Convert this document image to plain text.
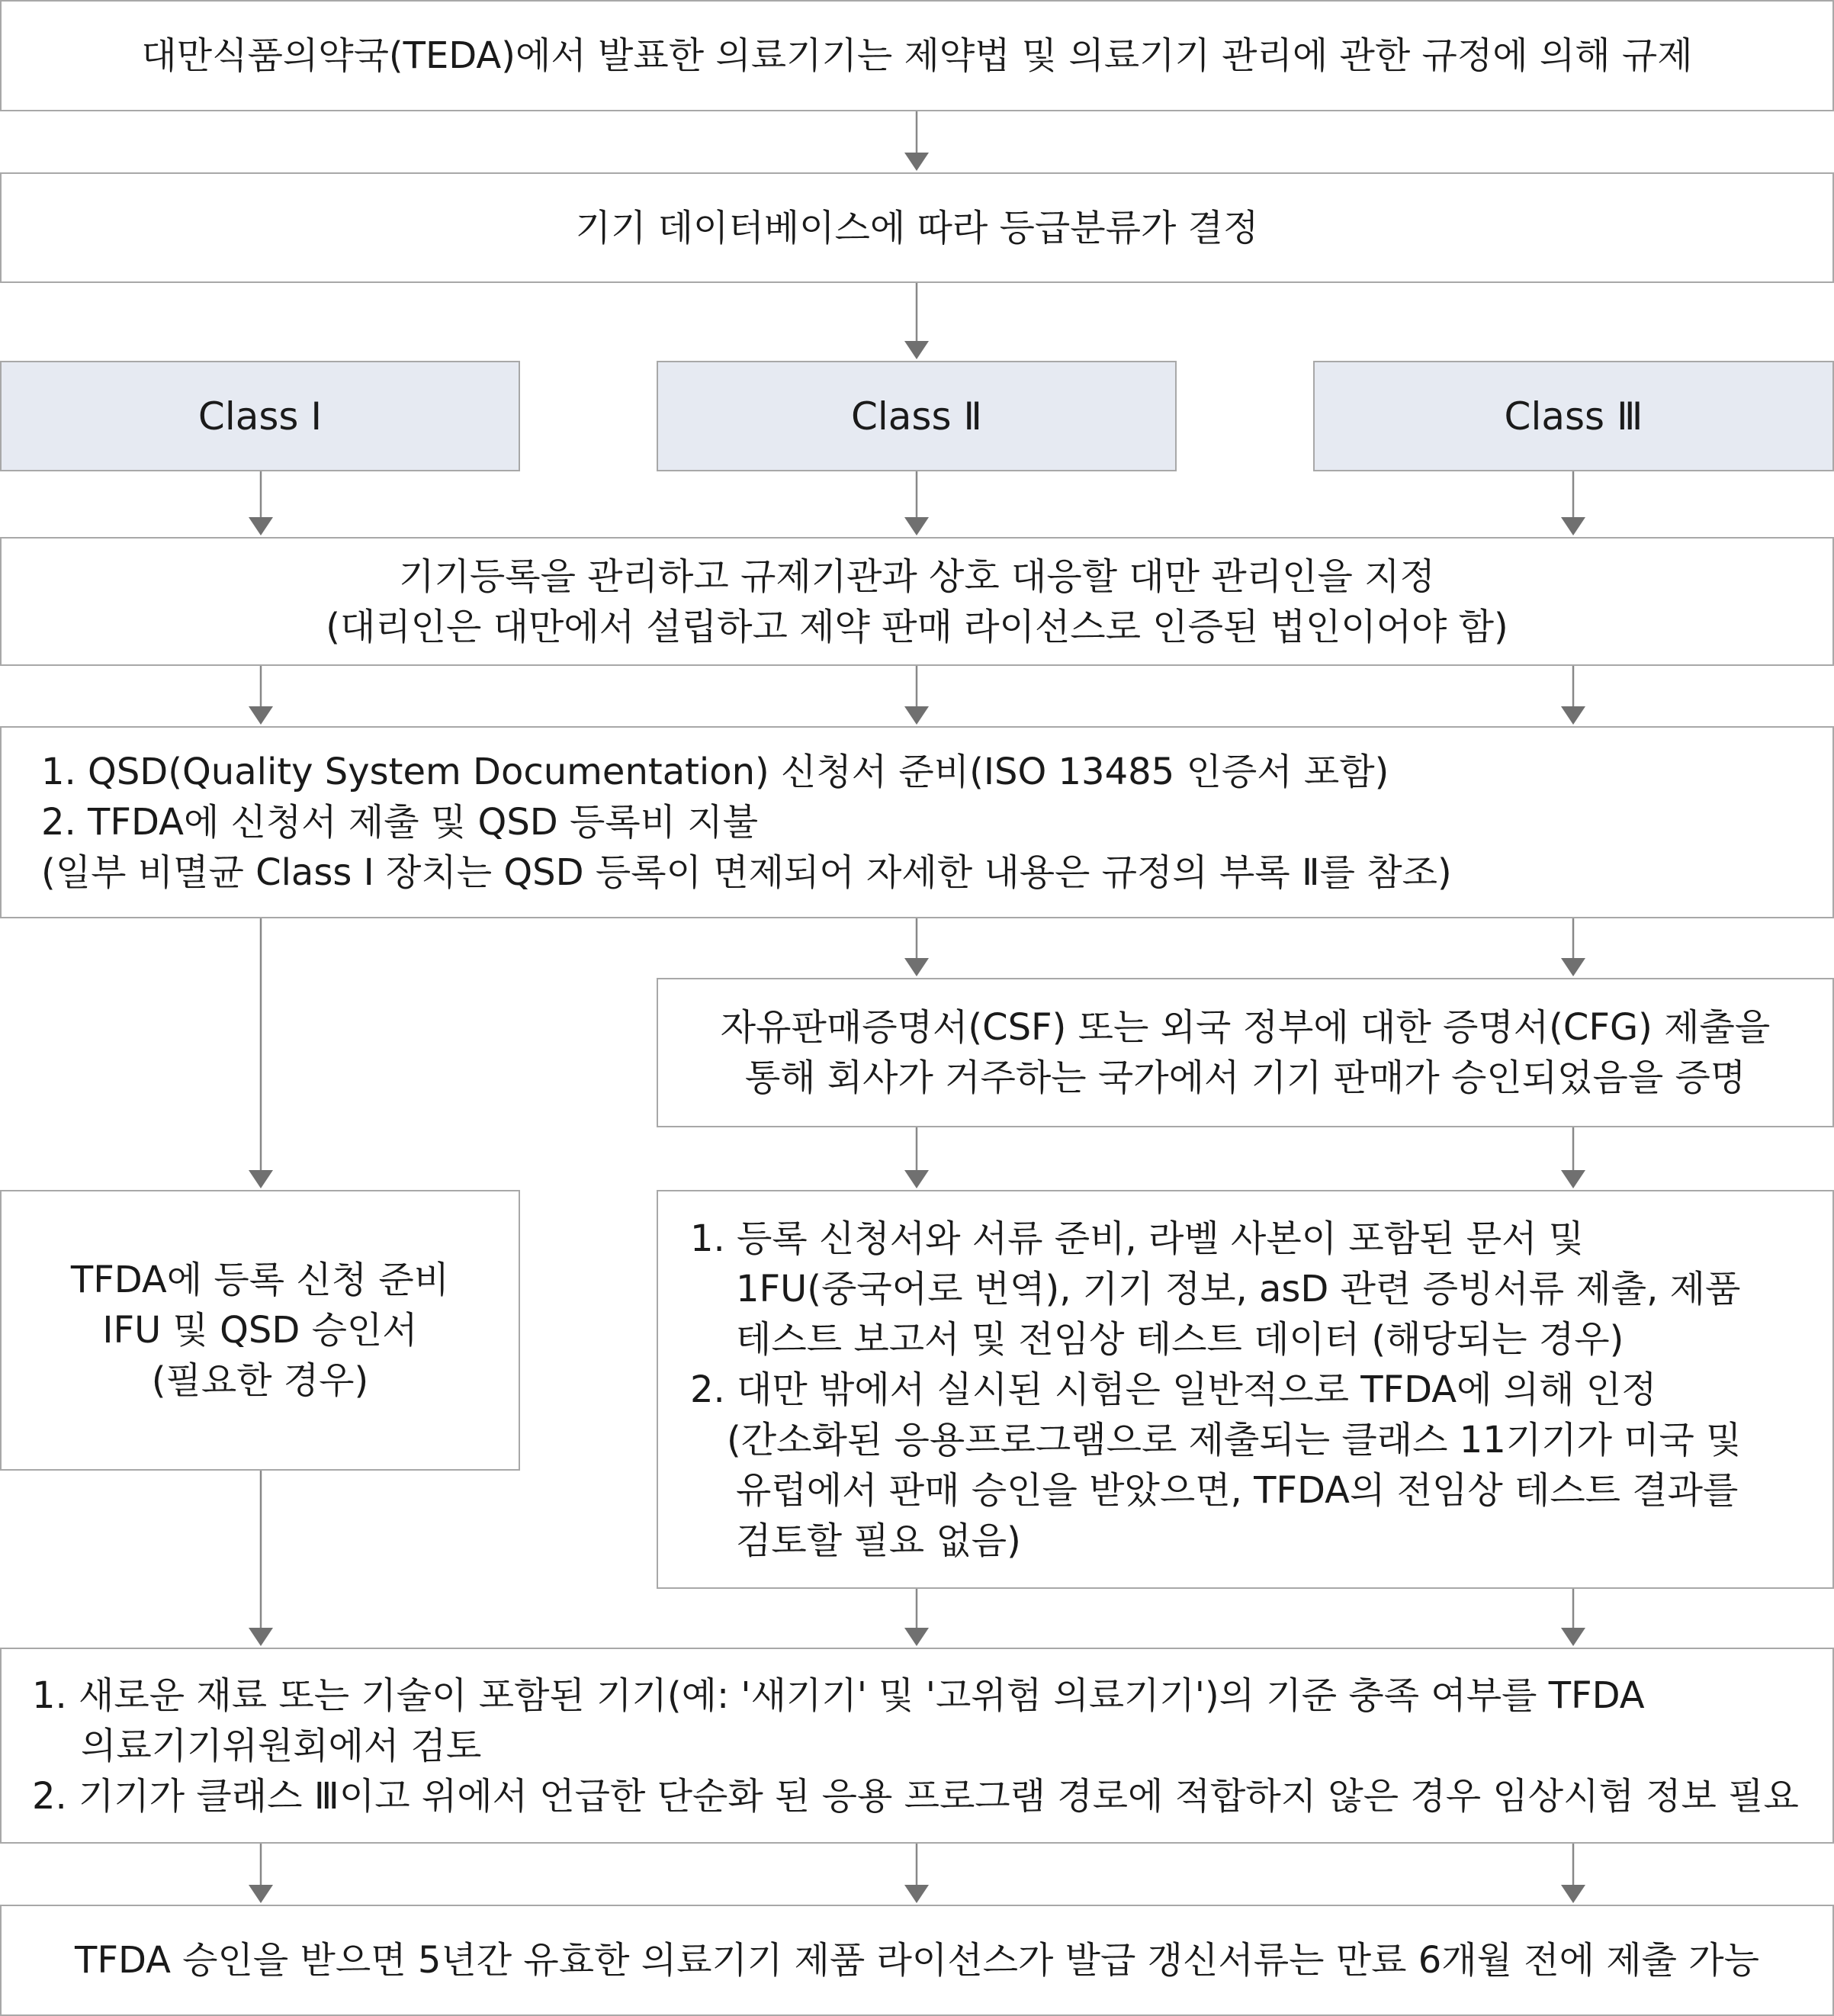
대만식품의약국(TEDA)에서 발표한 의료기기는 제약법 및 의료기기 관리에 관한 규정에 의해 규제
기기 데이터베이스에 따라 등급분류가 결정
Class Ⅰ	Class Ⅱ	Class Ⅲ
기기등록을 관리하고 규제기관과 상호 대응할 대만 관리인을 지정
(대리인은 대만에서 설립하고 제약 판매 라이선스로 인증된 법인이어야 함)
1. QSD(Quality System Documentation) 신청서 준비(ISO 13485 인증서 포함)
2. TFDA에 신청서 제출 및 QSD 등록비 지불
(일부 비멸균 Class Ⅰ 장치는 QSD 등록이 면제되어 자세한 내용은 규정의 부록 Ⅱ를 참조)
자유판매증명서(CSF) 또는 외국 정부에 대한 증명서(CFG) 제출을
통해 회사가 거주하는 국가에서 기기 판매가 승인되었음을 증명
TFDA에 등록 신청 준비
IFU 및 QSD 승인서
(필요한 경우)
1. 등록 신청서와 서류 준비, 라벨 사본이 포함된 문서 및
1FU(중국어로 번역), 기기 정보, asD 관련 증빙서류 제출, 제품
테스트 보고서 및 전임상 테스트 데이터 (해당되는 경우)
2. 대만 밖에서 실시된 시험은 일반적으로 TFDA에 의해 인정
(간소화된 응용프로그램으로 제출되는 클래스 11기기가 미국 및
유럽에서 판매 승인을 받았으면, TFDA의 전임상 테스트 결과를
검토할 필요 없음)
1. 새로운 재료 또는 기술이 포함된 기기(예: '새기기' 및 '고위험 의료기기')의 기준 충족 여부를 TFDA
의료기기위원회에서 검토
2. 기기가 클래스 Ⅲ이고 위에서 언급한 단순화 된 응용 프로그램 경로에 적합하지 않은 경우 임상시험 정보 필요
TFDA 승인을 받으면 5년간 유효한 의료기기 제품 라이선스가 발급 갱신서류는 만료 6개월 전에 제출 가능
